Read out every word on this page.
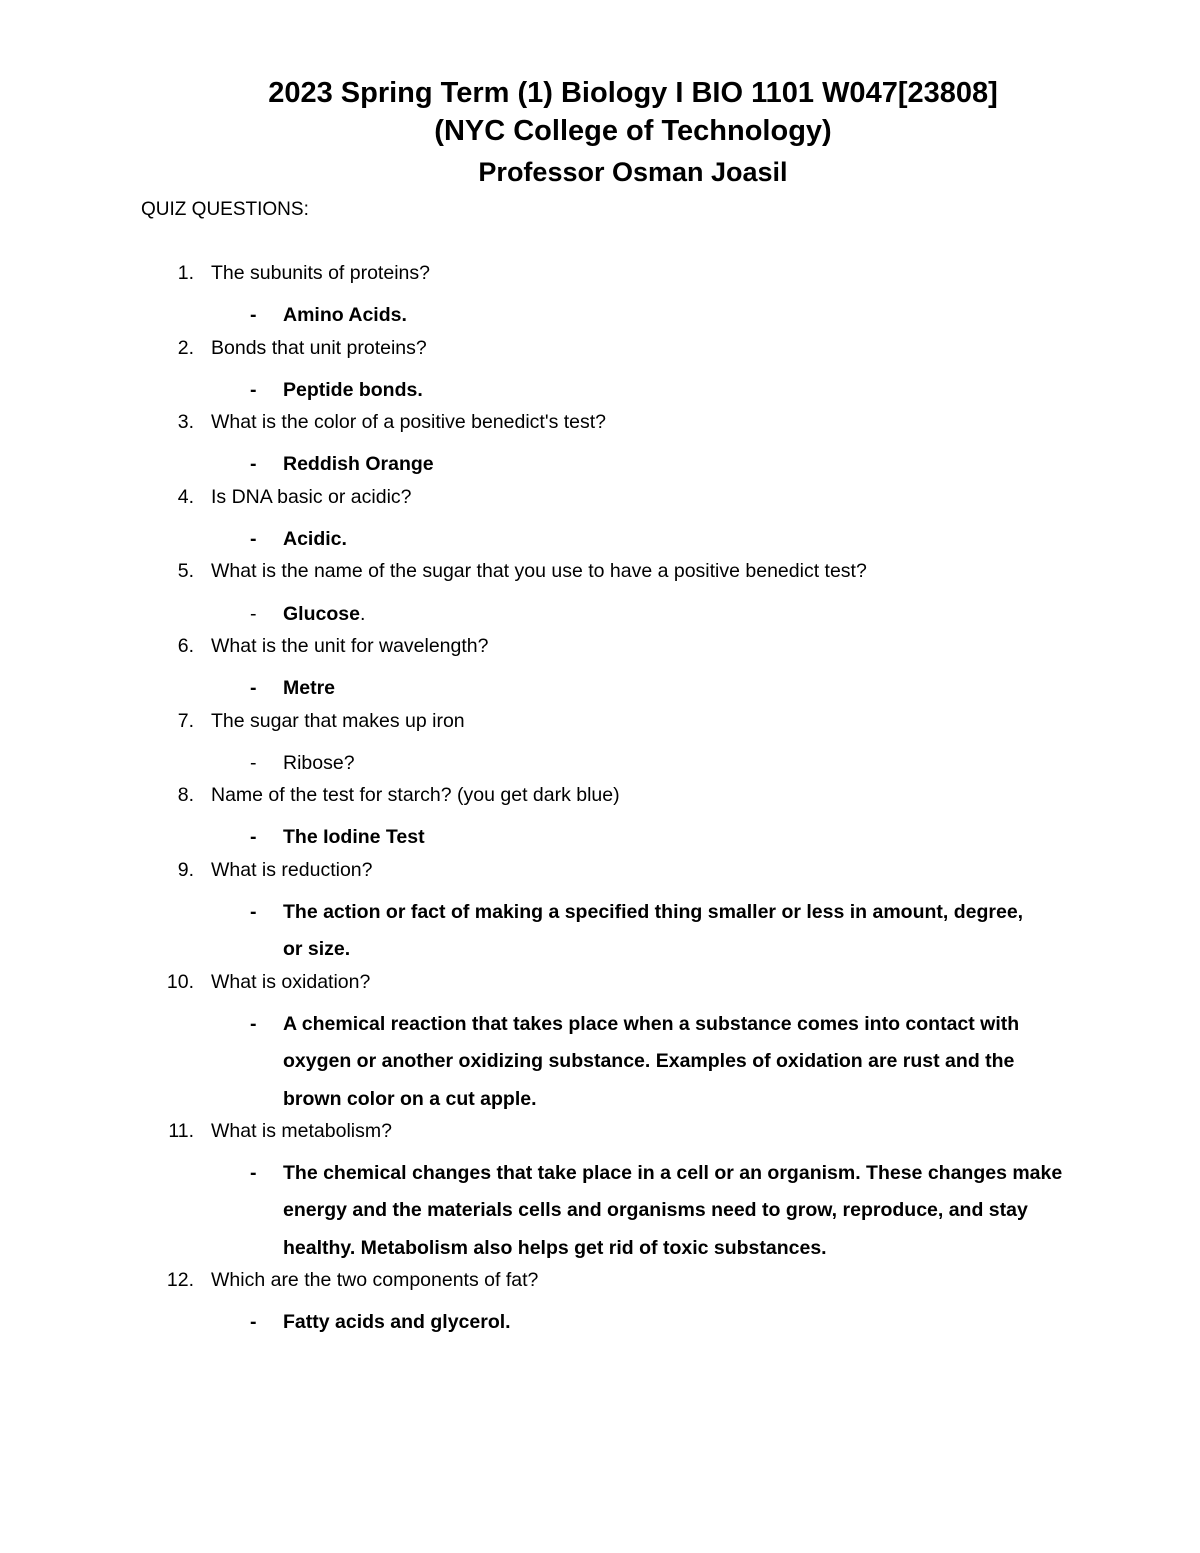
2023 Spring Term (1) Biology I BIO 1101 W047[23808]
(NYC College of Technology)
Professor Osman Joasil
QUIZ QUESTIONS:
1. The subunits of proteins?
- Amino Acids.
2. Bonds that unit proteins?
- Peptide bonds.
3. What is the color of a positive benedict's test?
- Reddish Orange
4. Is DNA basic or acidic?
- Acidic.
5. What is the name of the sugar that you use to have a positive benedict test?
- Glucose.
6. What is the unit for wavelength?
- Metre
7. The sugar that makes up iron
- Ribose?
8. Name of the test for starch? (you get dark blue)
- The Iodine Test
9. What is reduction?
- The action or fact of making a specified thing smaller or less in amount, degree, or size.
10. What is oxidation?
- A chemical reaction that takes place when a substance comes into contact with oxygen or another oxidizing substance. Examples of oxidation are rust and the brown color on a cut apple.
11. What is metabolism?
- The chemical changes that take place in a cell or an organism. These changes make energy and the materials cells and organisms need to grow, reproduce, and stay healthy. Metabolism also helps get rid of toxic substances.
12. Which are the two components of fat?
- Fatty acids and glycerol.
